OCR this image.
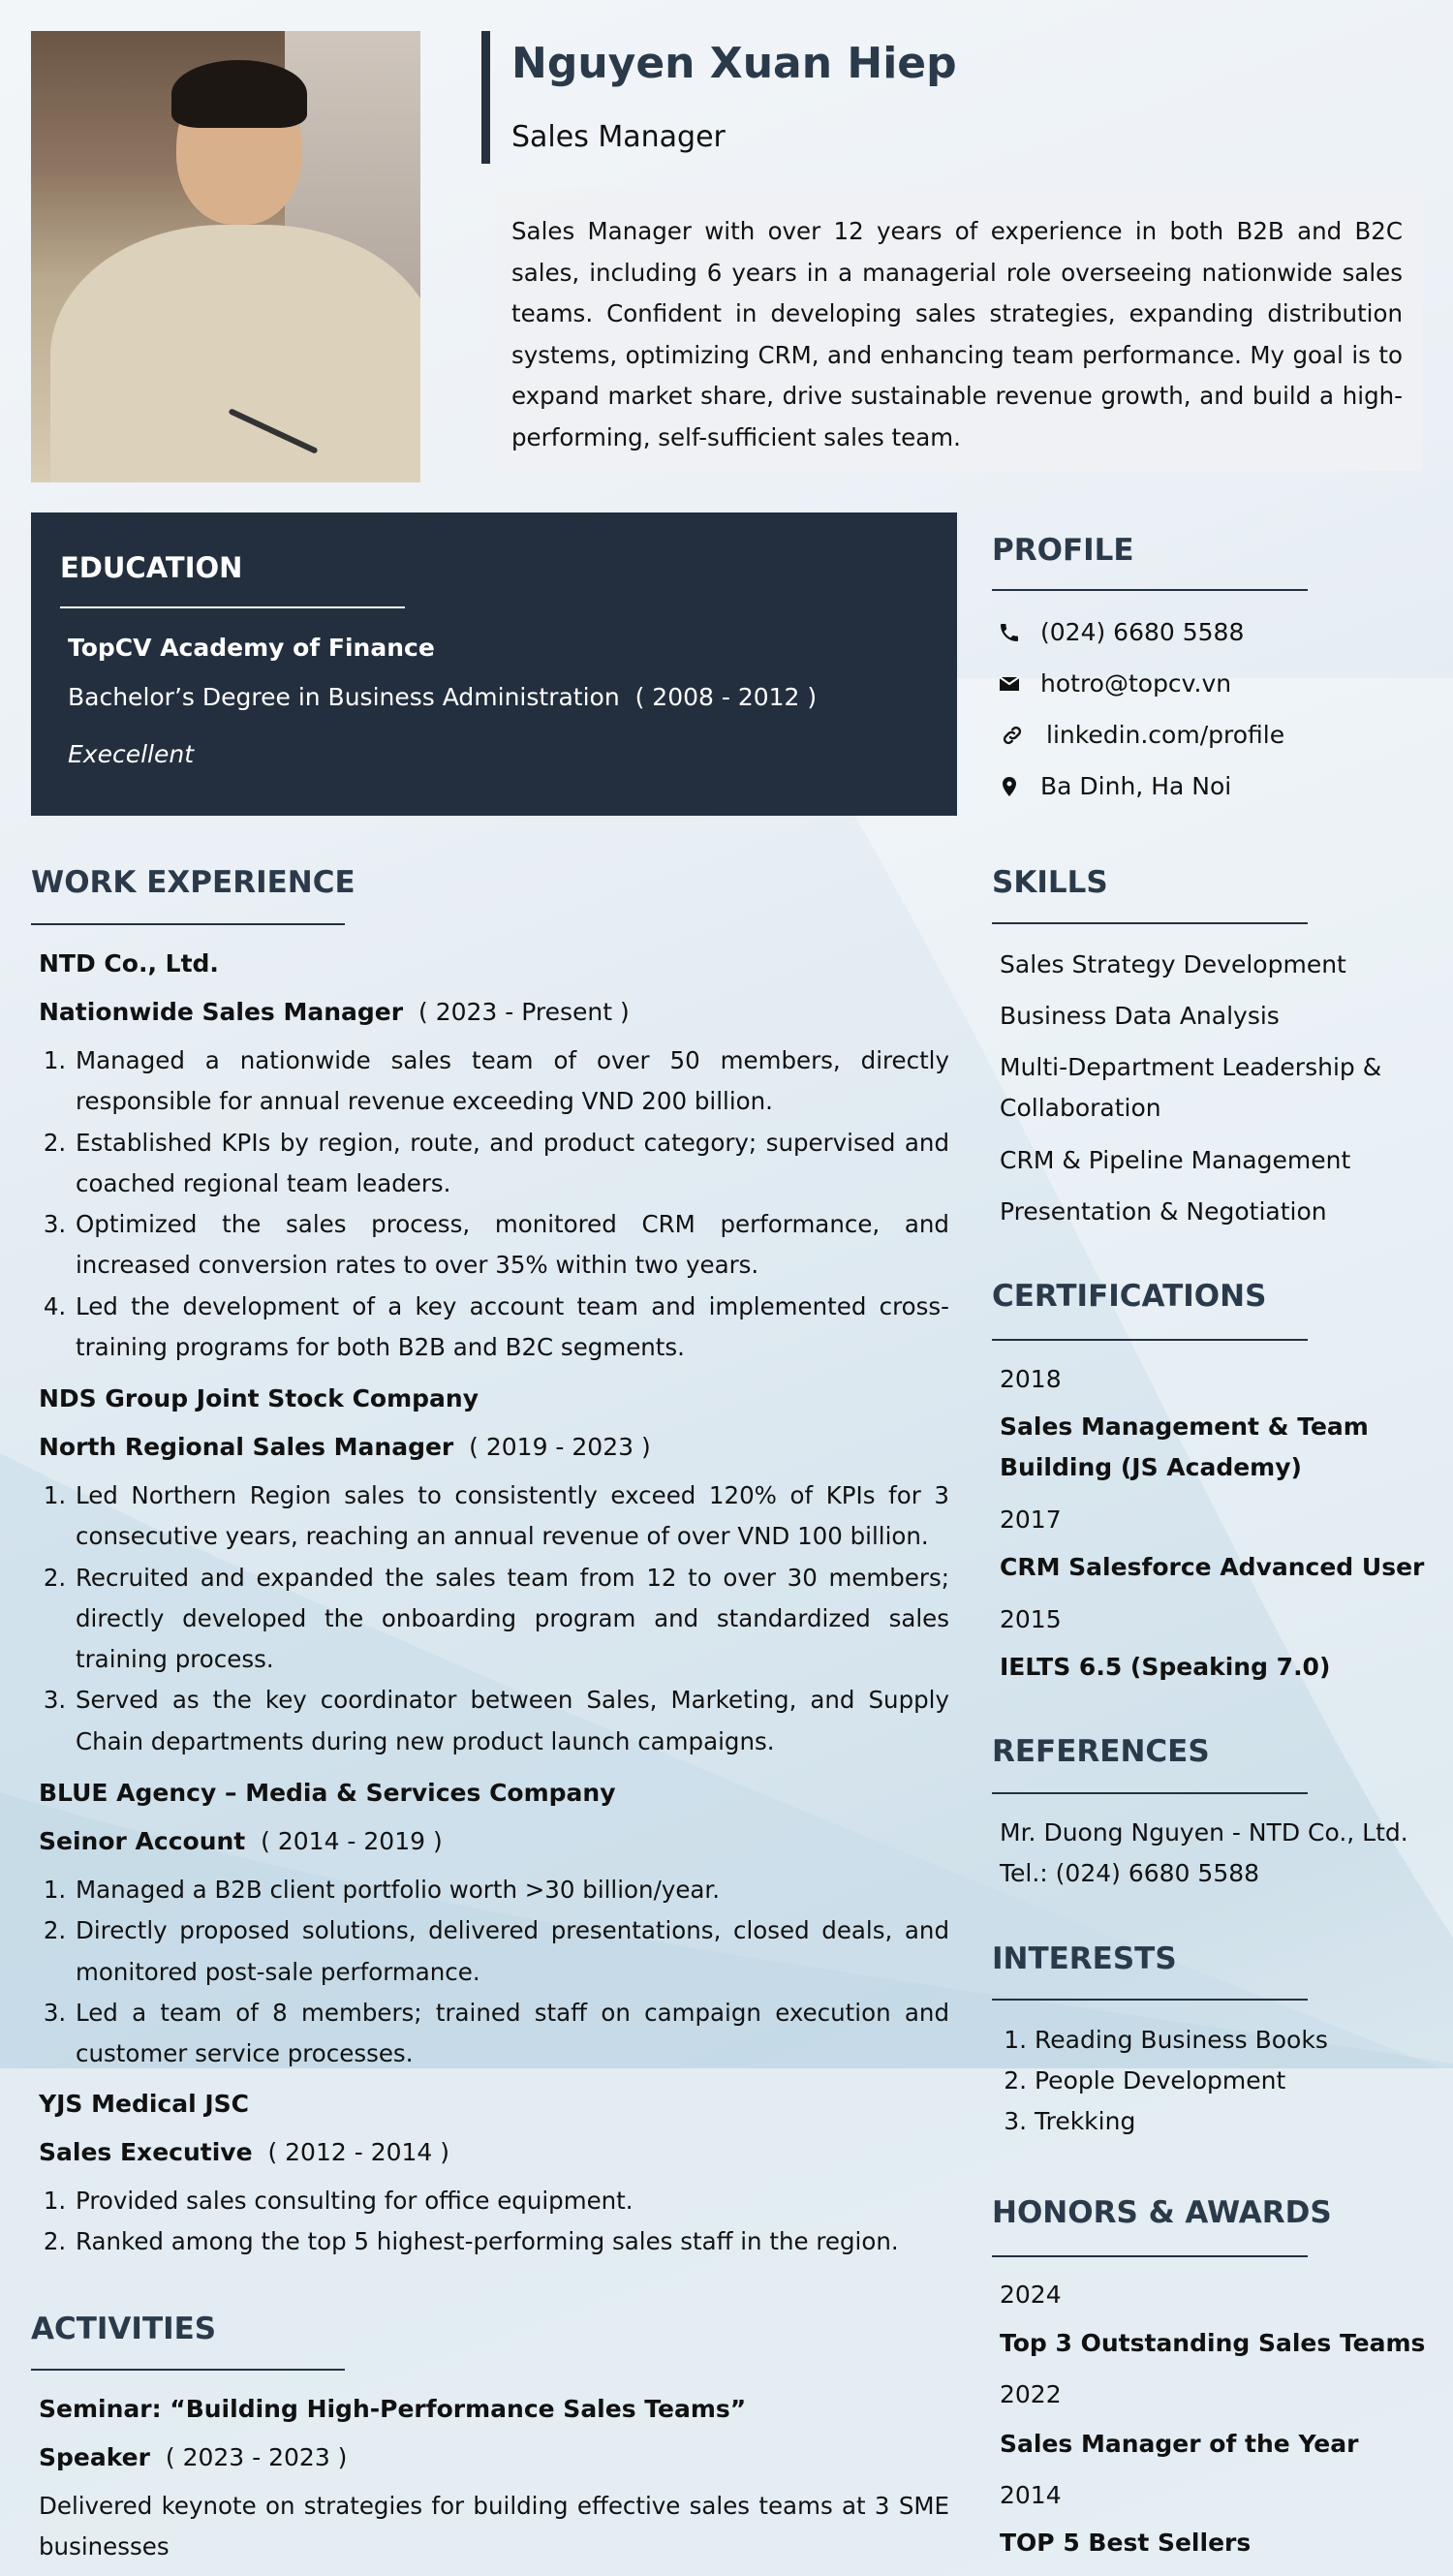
Nguyen Xuan Hiep
Sales Manager
Sales Manager with over 12 years of experience in both B2B and B2C sales, including 6 years in a managerial role overseeing nationwide sales teams. Confident in developing sales strategies, expanding distribution systems, optimizing CRM, and enhancing team performance. My goal is to expand market share, drive sustainable revenue growth, and build a high-performing, self-sufficient sales team.
EDUCATION
TopCV Academy of Finance
Bachelor’s Degree in Business Administration ( 2008 - 2012 )
Execellent
PROFILE
(024) 6680 5588
hotro@topcv.vn
linkedin.com/profile
Ba Dinh, Ha Noi
SKILLS
Sales Strategy Development
Business Data Analysis
Multi-Department Leadership & Collaboration
CRM & Pipeline Management
Presentation & Negotiation
CERTIFICATIONS
2018
Sales Management & Team Building (JS Academy)
2017
CRM Salesforce Advanced User
2015
IELTS 6.5 (Speaking 7.0)
REFERENCES
Mr. Duong Nguyen - NTD Co., Ltd.
Tel.: (024) 6680 5588
INTERESTS
1. Reading Business Books
2. People Development
3. Trekking
HONORS & AWARDS
2024
Top 3 Outstanding Sales Teams
2022
Sales Manager of the Year
2014
TOP 5 Best Sellers
WORK EXPERIENCE
NTD Co., Ltd.
Nationwide Sales Manager ( 2023 - Present )
1. Managed a nationwide sales team of over 50 members, directly responsible for annual revenue exceeding VND 200 billion.
2. Established KPIs by region, route, and product category; supervised and coached regional team leaders.
3. Optimized the sales process, monitored CRM performance, and increased conversion rates to over 35% within two years.
4. Led the development of a key account team and implemented cross-training programs for both B2B and B2C segments.
NDS Group Joint Stock Company
North Regional Sales Manager ( 2019 - 2023 )
1. Led Northern Region sales to consistently exceed 120% of KPIs for 3 consecutive years, reaching an annual revenue of over VND 100 billion.
2. Recruited and expanded the sales team from 12 to over 30 members; directly developed the onboarding program and standardized sales training process.
3. Served as the key coordinator between Sales, Marketing, and Supply Chain departments during new product launch campaigns.
BLUE Agency – Media & Services Company
Seinor Account ( 2014 - 2019 )
1. Managed a B2B client portfolio worth >30 billion/year.
2. Directly proposed solutions, delivered presentations, closed deals, and monitored post-sale performance.
3. Led a team of 8 members; trained staff on campaign execution and customer service processes.
YJS Medical JSC
Sales Executive ( 2012 - 2014 )
1. Provided sales consulting for office equipment.
2. Ranked among the top 5 highest-performing sales staff in the region.
ACTIVITIES
Seminar: “Building High-Performance Sales Teams”
Speaker ( 2023 - 2023 )
Delivered keynote on strategies for building effective sales teams at 3 SME businesses
